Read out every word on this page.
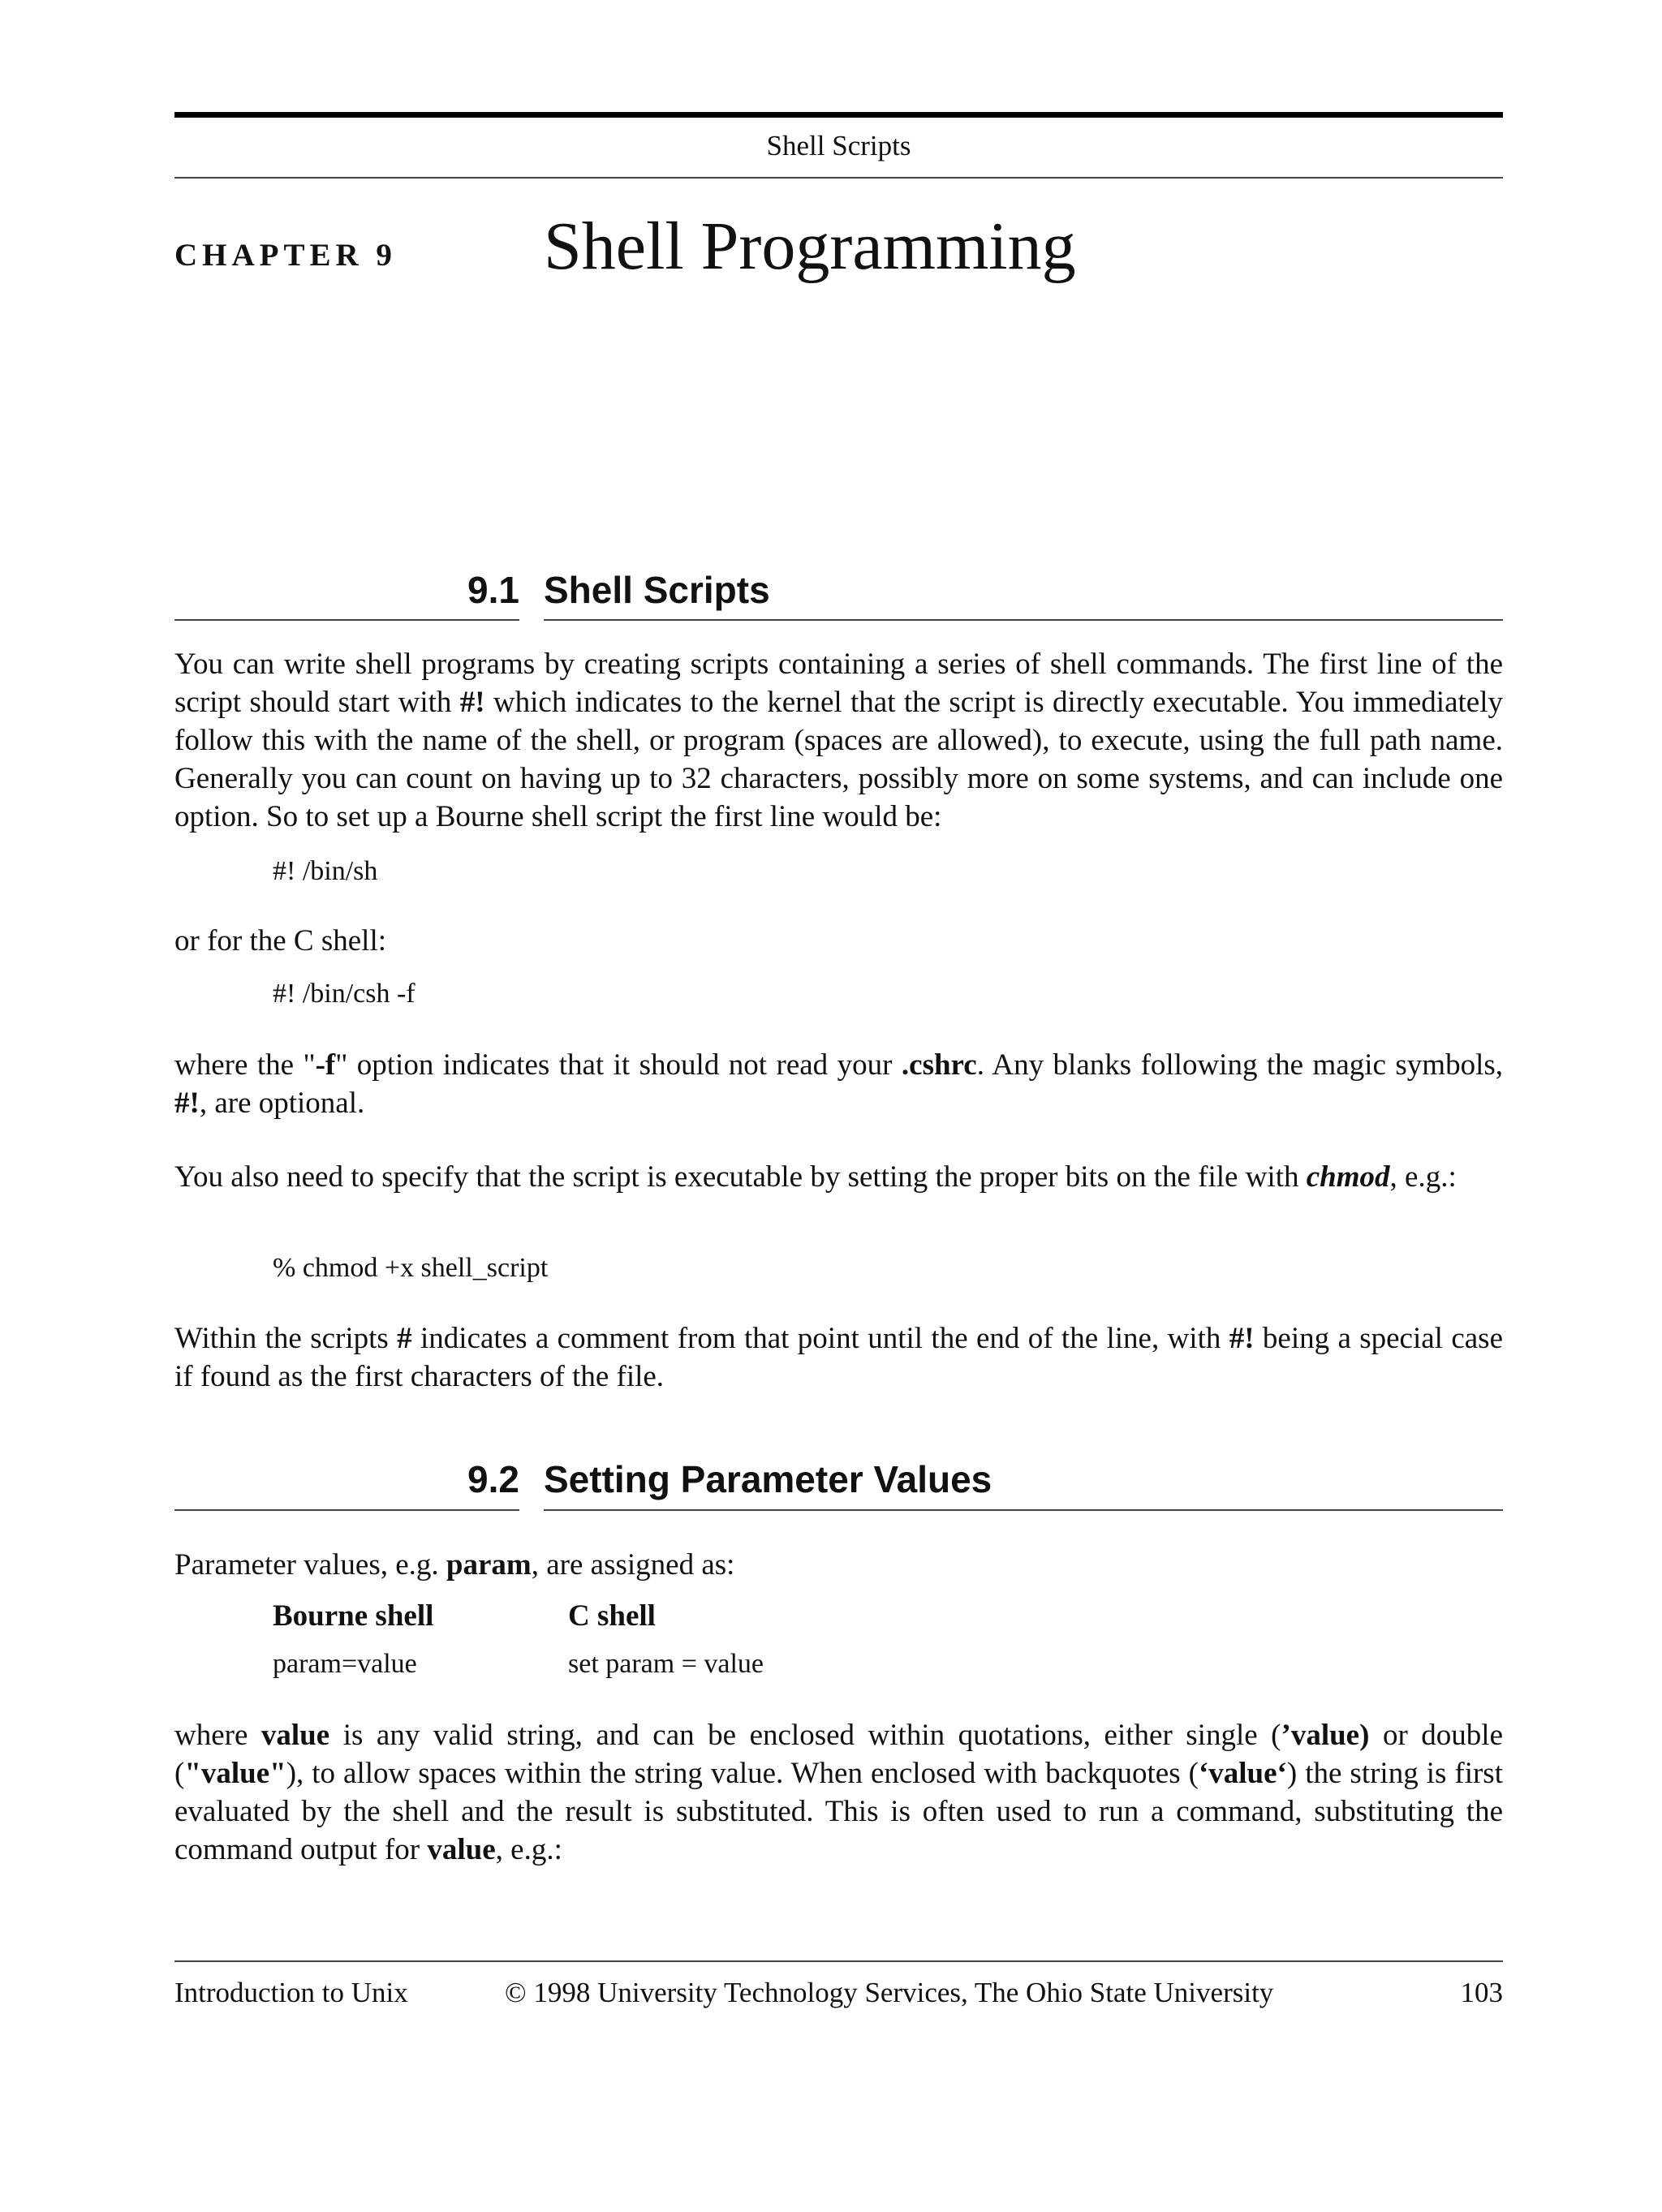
Shell Scripts
CHAPTER 9 Shell Programming
9.1 Shell Scripts
You can write shell programs by creating scripts containing a series of shell commands. The first line of the script should start with #! which indicates to the kernel that the script is directly executable. You immediately follow this with the name of the shell, or program (spaces are allowed), to execute, using the full path name. Generally you can count on having up to 32 characters, possibly more on some systems, and can include one option. So to set up a Bourne shell script the first line would be:
#! /bin/sh
or for the C shell:
#! /bin/csh -f
where the "-f" option indicates that it should not read your .cshrc. Any blanks following the magic symbols, #!, are optional.
You also need to specify that the script is executable by setting the proper bits on the file with chmod, e.g.:
% chmod +x shell_script
Within the scripts # indicates a comment from that point until the end of the line, with #! being a special case if found as the first characters of the file.
9.2 Setting Parameter Values
Parameter values, e.g. param, are assigned as:
Bourne shell	C shell
param=value	set param = value
where value is any valid string, and can be enclosed within quotations, either single (’value) or double ("value"), to allow spaces within the string value. When enclosed with backquotes (‘value‘) the string is first evaluated by the shell and the result is substituted. This is often used to run a command, substituting the command output for value, e.g.:
Introduction to Unix	© 1998 University Technology Services, The Ohio State University	103
